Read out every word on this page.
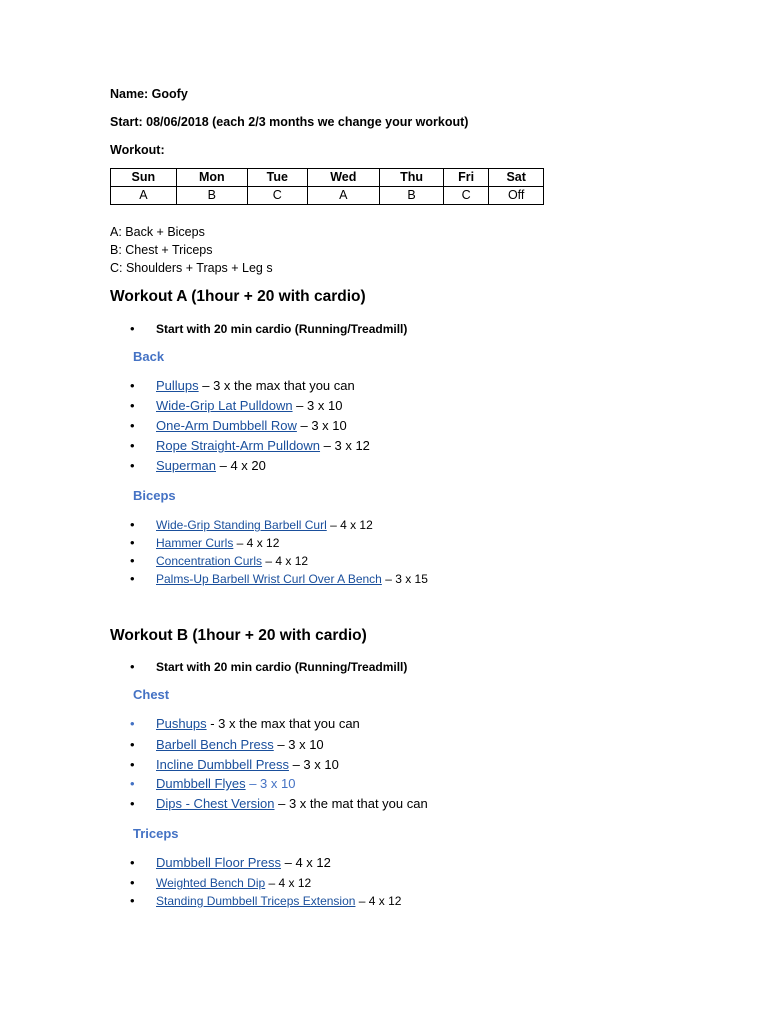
Name: Goofy
Start: 08/06/2018 (each 2/3 months we change your workout)
Workout:
Sun	Mon	Tue	Wed	Thu	Fri	Sat
A	B	C	A	B	C	Off
A: Back + Biceps
B: Chest + Triceps
C: Shoulders + Traps + Leg s
Workout A (1hour + 20 with cardio)
• Start with 20 min cardio (Running/Treadmill)
Back
• Pullups – 3 x the max that you can
• Wide-Grip Lat Pulldown – 3 x 10
• One-Arm Dumbbell Row – 3 x 10
• Rope Straight-Arm Pulldown – 3 x 12
• Superman – 4 x 20
Biceps
• Wide-Grip Standing Barbell Curl – 4 x 12
• Hammer Curls – 4 x 12
• Concentration Curls – 4 x 12
• Palms-Up Barbell Wrist Curl Over A Bench – 3 x 15
Workout B (1hour + 20 with cardio)
• Start with 20 min cardio (Running/Treadmill)
Chest
• Pushups - 3 x the max that you can
• Barbell Bench Press – 3 x 10
• Incline Dumbbell Press – 3 x 10
• Dumbbell Flyes – 3 x 10
• Dips - Chest Version – 3 x the mat that you can
Triceps
• Dumbbell Floor Press – 4 x 12
• Weighted Bench Dip – 4 x 12
• Standing Dumbbell Triceps Extension – 4 x 12
